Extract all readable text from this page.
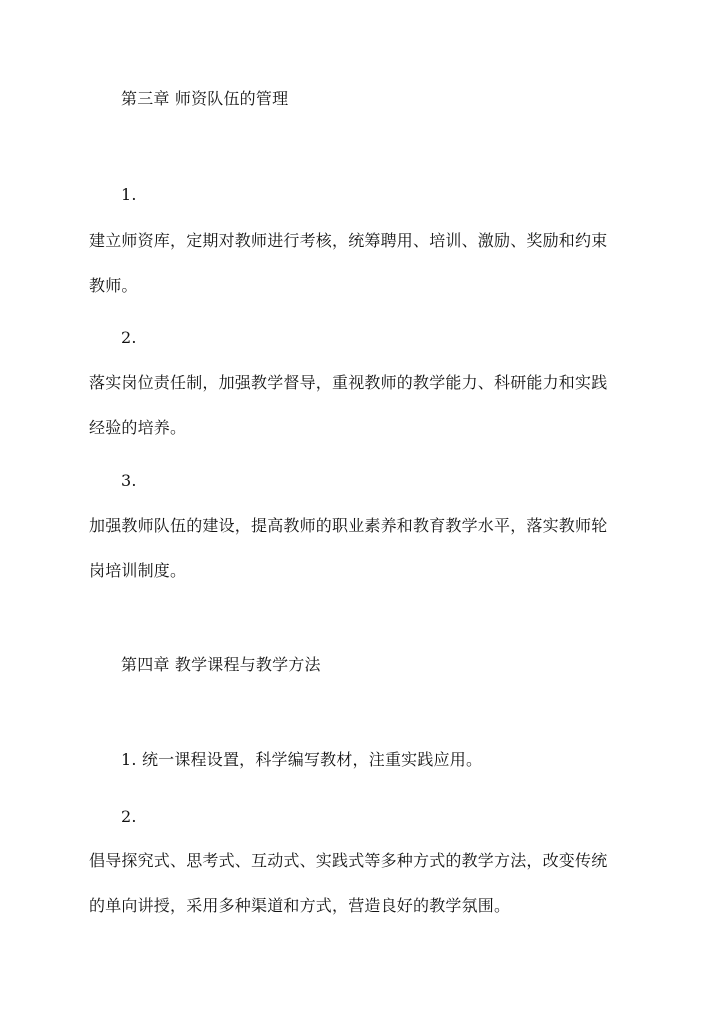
第三章 师资队伍的管理
1.
建立师资库，定期对教师进行考核，统筹聘用、培训、激励、奖励和约束
教师。
2.
落实岗位责任制，加强教学督导，重视教师的教学能力、科研能力和实践
经验的培养。
3.
加强教师队伍的建设，提高教师的职业素养和教育教学水平，落实教师轮
岗培训制度。
第四章 教学课程与教学方法
1. 统一课程设置，科学编写教材，注重实践应用。
2.
倡导探究式、思考式、互动式、实践式等多种方式的教学方法，改变传统
的单向讲授，采用多种渠道和方式，营造良好的教学氛围。
